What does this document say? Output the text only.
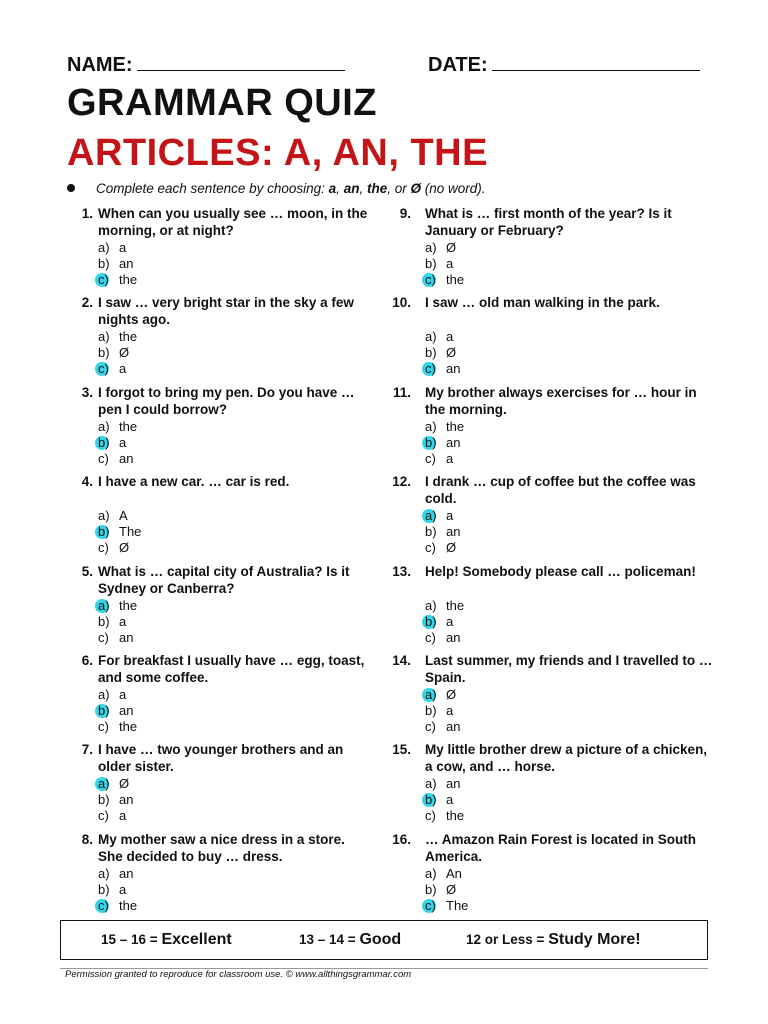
NAME:	DATE:
GRAMMAR QUIZ
ARTICLES: A, AN, THE
Complete each sentence by choosing: a, an, the, or Ø (no word).
1. When can you usually see … moon, in the morning, or at night?
a) a
b) an
c) the
2. I saw … very bright star in the sky a few nights ago.
a) the
b) Ø
c) a
3. I forgot to bring my pen. Do you have … pen I could borrow?
a) the
b) a
c) an
4. I have a new car. … car is red.
a) A
b) The
c) Ø
5. What is … capital city of Australia? Is it Sydney or Canberra?
a) the
b) a
c) an
6. For breakfast I usually have … egg, toast, and some coffee.
a) a
b) an
c) the
7. I have … two younger brothers and an older sister.
a) Ø
b) an
c) a
8. My mother saw a nice dress in a store. She decided to buy … dress.
a) an
b) a
c) the
9. What is … first month of the year? Is it January or February?
a) Ø
b) a
c) the
10. I saw … old man walking in the park.
a) a
b) Ø
c) an
11. My brother always exercises for … hour in the morning.
a) the
b) an
c) a
12. I drank … cup of coffee but the coffee was cold.
a) a
b) an
c) Ø
13. Help! Somebody please call … policeman!
a) the
b) a
c) an
14. Last summer, my friends and I travelled to … Spain.
a) Ø
b) a
c) an
15. My little brother drew a picture of a chicken, a cow, and … horse.
a) an
b) a
c) the
16. … Amazon Rain Forest is located in South America.
a) An
b) Ø
c) The
15 – 16 = Excellent	13 – 14 = Good	12 or Less = Study More!
Permission granted to reproduce for classroom use. © www.allthingsgrammar.com
